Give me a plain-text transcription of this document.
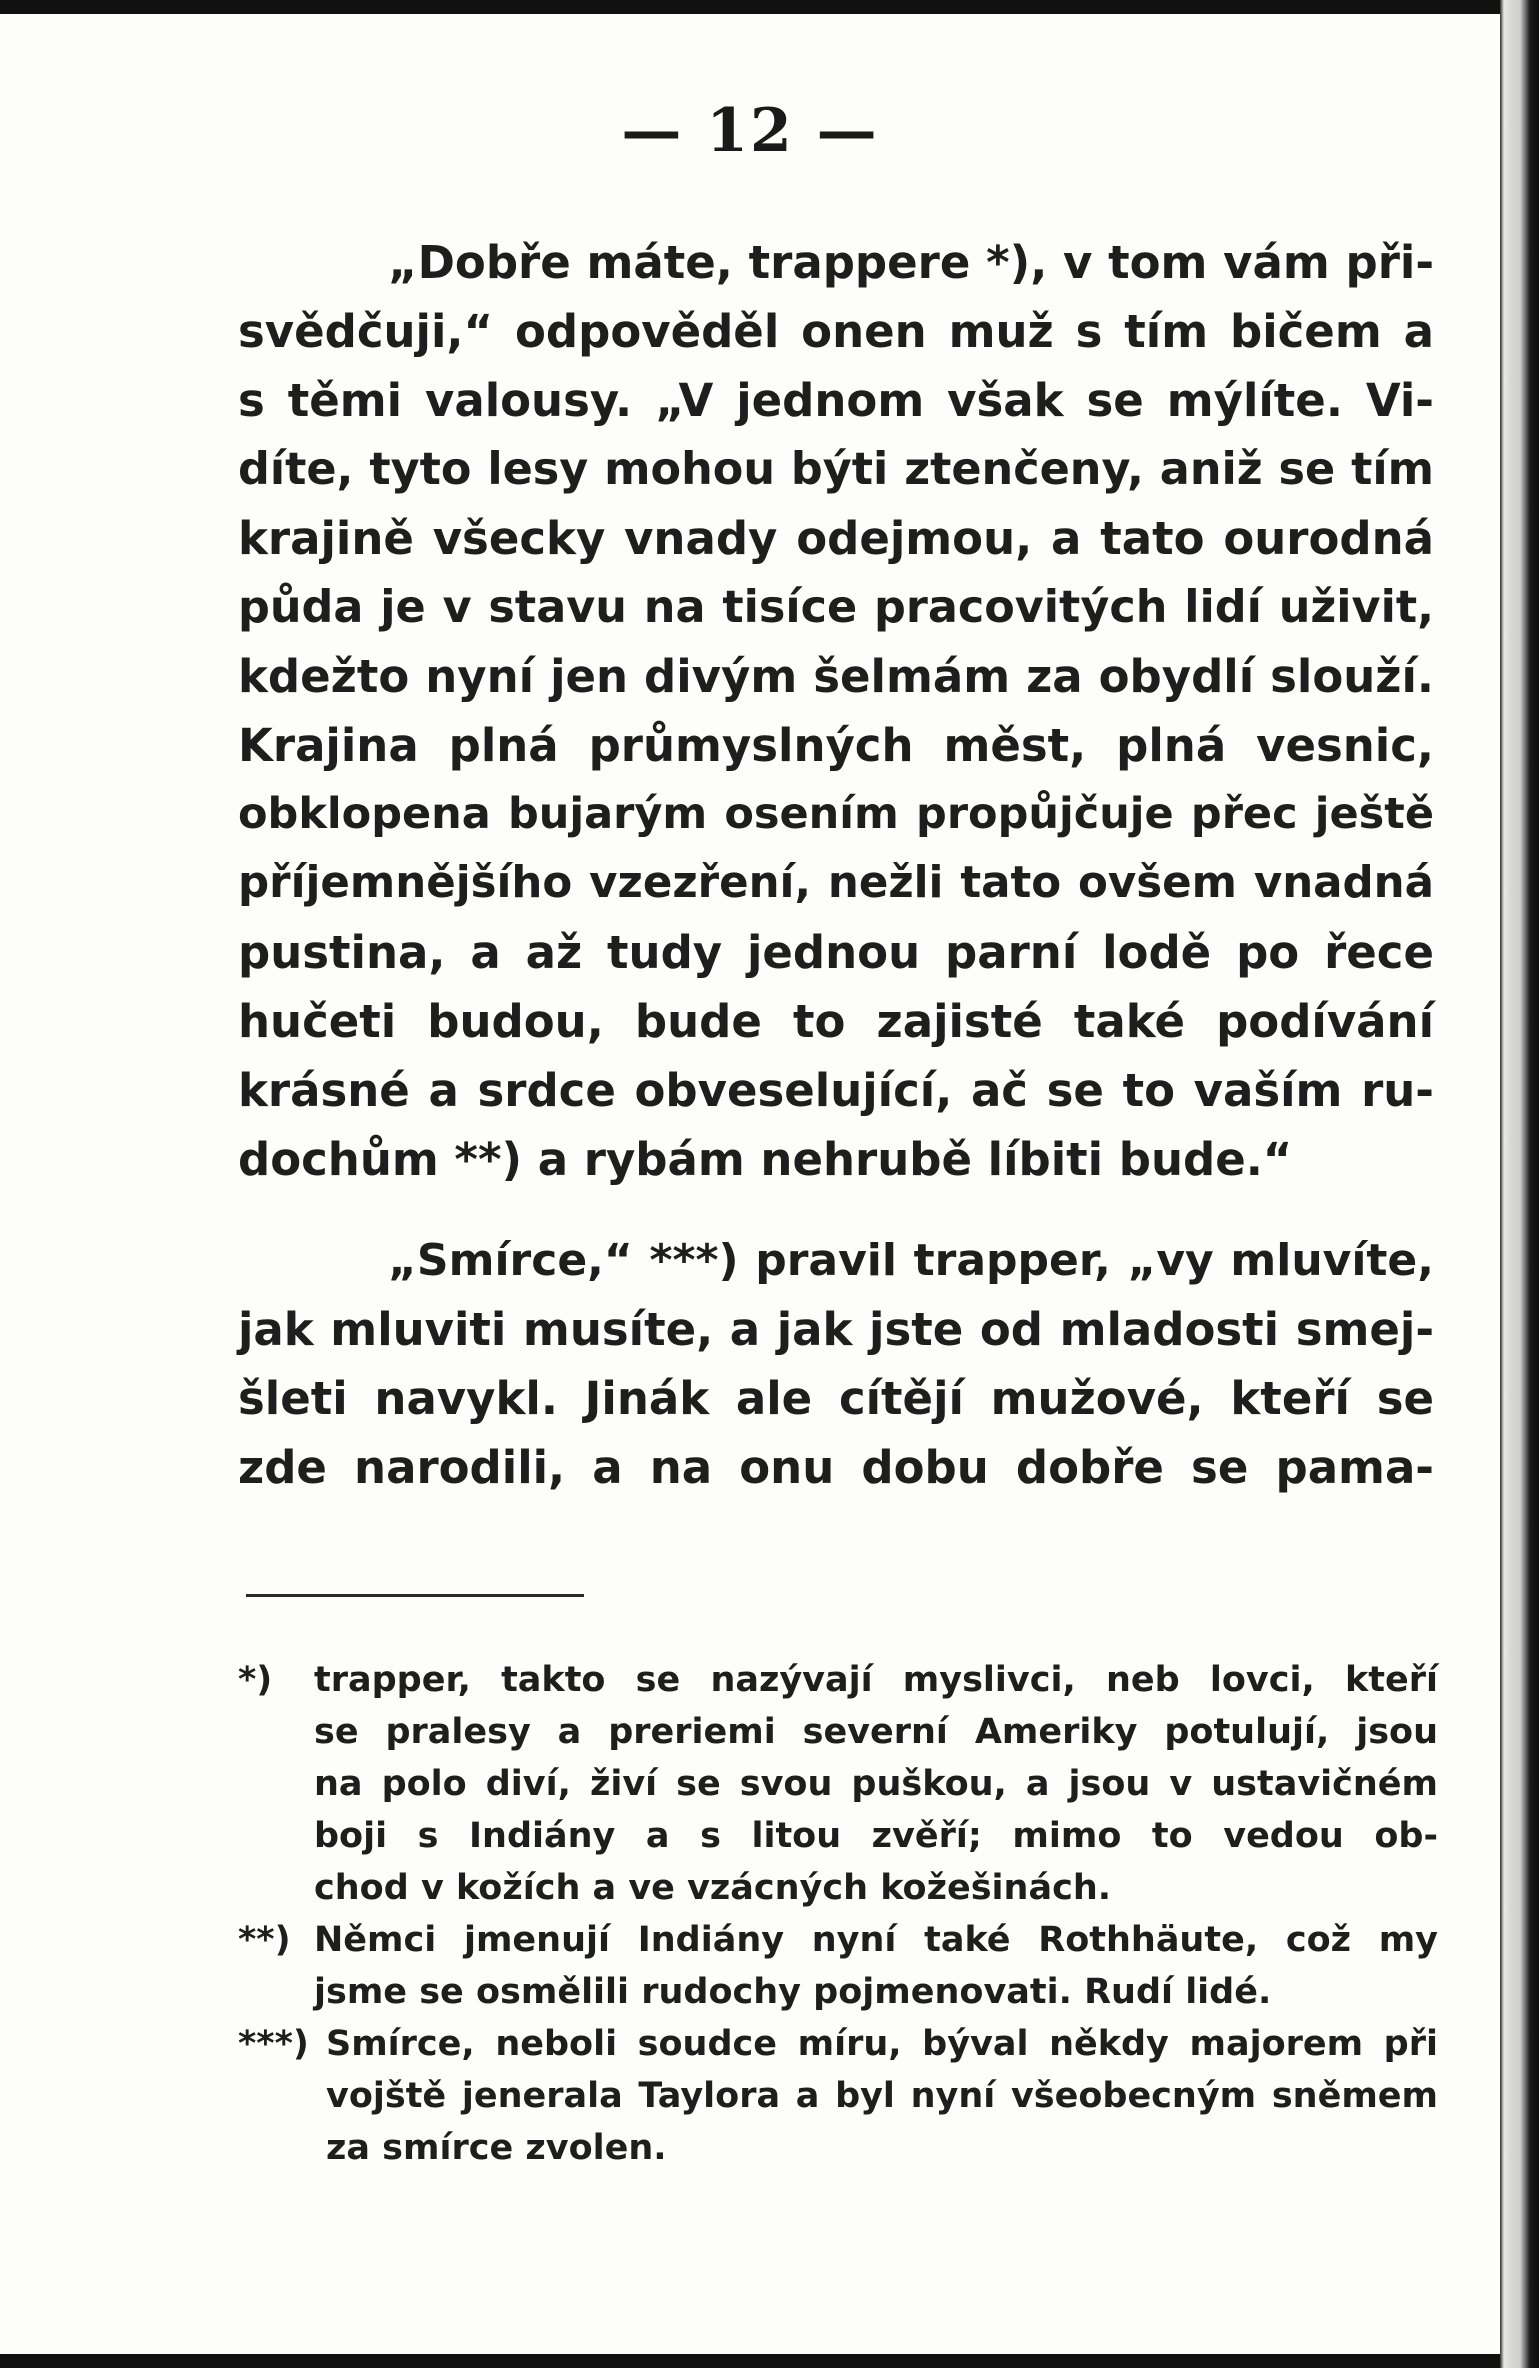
— 12 —
„Dobře máte, trappere *), v tom vám při-
svědčuji,“ odpověděl onen muž s tím bičem a
s těmi valousy. „V jednom však se mýlíte. Vi-
díte, tyto lesy mohou býti ztenčeny, aniž se tím
krajině všecky vnady odejmou, a tato ourodná
půda je v stavu na tisíce pracovitých lidí uživit,
kdežto nyní jen divým šelmám za obydlí slouží.
Krajina plná průmyslných měst, plná vesnic,
obklopena bujarým osením propůjčuje přec ještě
příjemnějšího vzezření, nežli tato ovšem vnadná
pustina, a až tudy jednou parní lodě po řece
hučeti budou, bude to zajisté také podívání
krásné a srdce obveselující, ač se to vaším ru-
dochům **) a rybám nehrubě líbiti bude.“
„Smírce,“ ***) pravil trapper, „vy mluvíte,
jak mluviti musíte, a jak jste od mladosti smej-
šleti navykl. Jinák ale cítějí mužové, kteří se
zde narodili, a na onu dobu dobře se pama-
*) trapper, takto se nazývají myslivci, neb lovci, kteří
se pralesy a preriemi severní Ameriky potulují, jsou
na polo diví, živí se svou puškou, a jsou v ustavičném
boji s Indiány a s litou zvěří; mimo to vedou ob-
chod v kožích a ve vzácných kožešinách.
**) Němci jmenují Indiány nyní také Rothhäute, což my
jsme se osmělili rudochy pojmenovati. Rudí lidé.
***) Smírce, neboli soudce míru, býval někdy majorem při
vojště jenerala Taylora a byl nyní všeobecným sněmem
za smírce zvolen.
